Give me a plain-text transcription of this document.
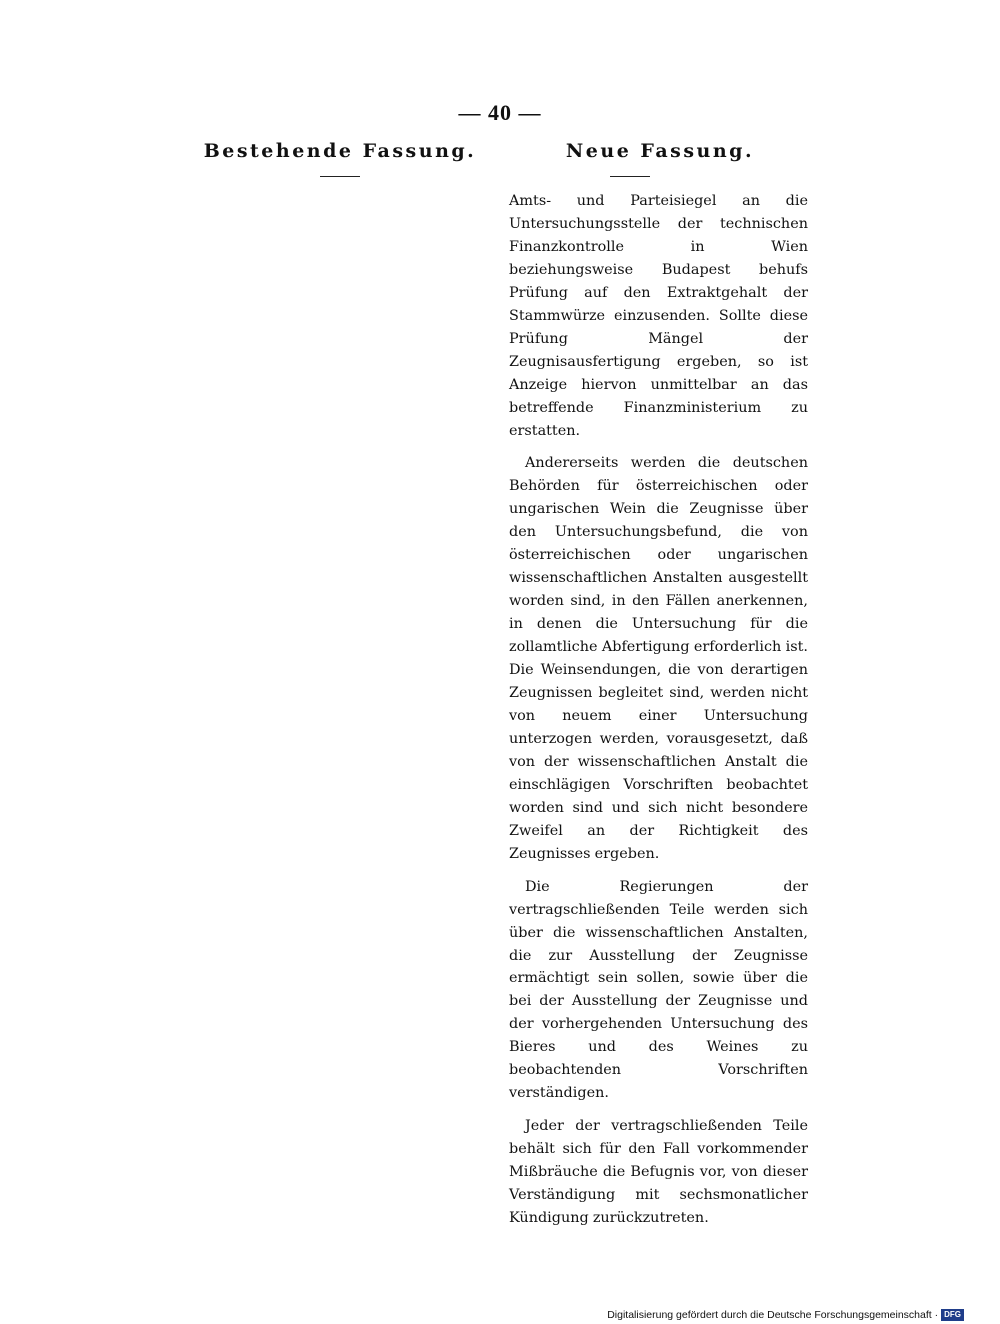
— 40 —
Bestehende Fassung.	Neue Fassung.

Amts- und Parteisiegel an die Untersuchungsstelle der technischen Finanzkontrolle in Wien beziehungsweise Budapest behufs Prüfung auf den Extraktgehalt der Stammwürze einzusenden. Sollte diese Prüfung Mängel der Zeugnisausfertigung ergeben, so ist Anzeige hiervon unmittelbar an das betreffende Finanzministerium zu erstatten.

Andererseits werden die deutschen Behörden für österreichischen oder ungarischen Wein die Zeugnisse über den Untersuchungsbefund, die von österreichischen oder ungarischen wissenschaftlichen Anstalten ausgestellt worden sind, in den Fällen anerkennen, in denen die Untersuchung für die zollamtliche Abfertigung erforderlich ist. Die Weinsendungen, die von derartigen Zeugnissen begleitet sind, werden nicht von neuem einer Untersuchung unterzogen werden, vorausgesetzt, daß von der wissenschaftlichen Anstalt die einschlägigen Vorschriften beobachtet worden sind und sich nicht besondere Zweifel an der Richtigkeit des Zeugnisses ergeben.

Die Regierungen der vertragschließenden Teile werden sich über die wissenschaftlichen Anstalten, die zur Ausstellung der Zeugnisse ermächtigt sein sollen, sowie über die bei der Ausstellung der Zeugnisse und der vorhergehenden Untersuchung des Bieres und des Weines zu beobachtenden Vorschriften verständigen.

Jeder der vertragschließenden Teile behält sich für den Fall vorkommender Mißbräuche die Befugnis vor, von dieser Verständigung mit sechsmonatlicher Kündigung zurückzutreten.

Digitalisierung gefördert durch die Deutsche Forschungsgemeinschaft · DFG
